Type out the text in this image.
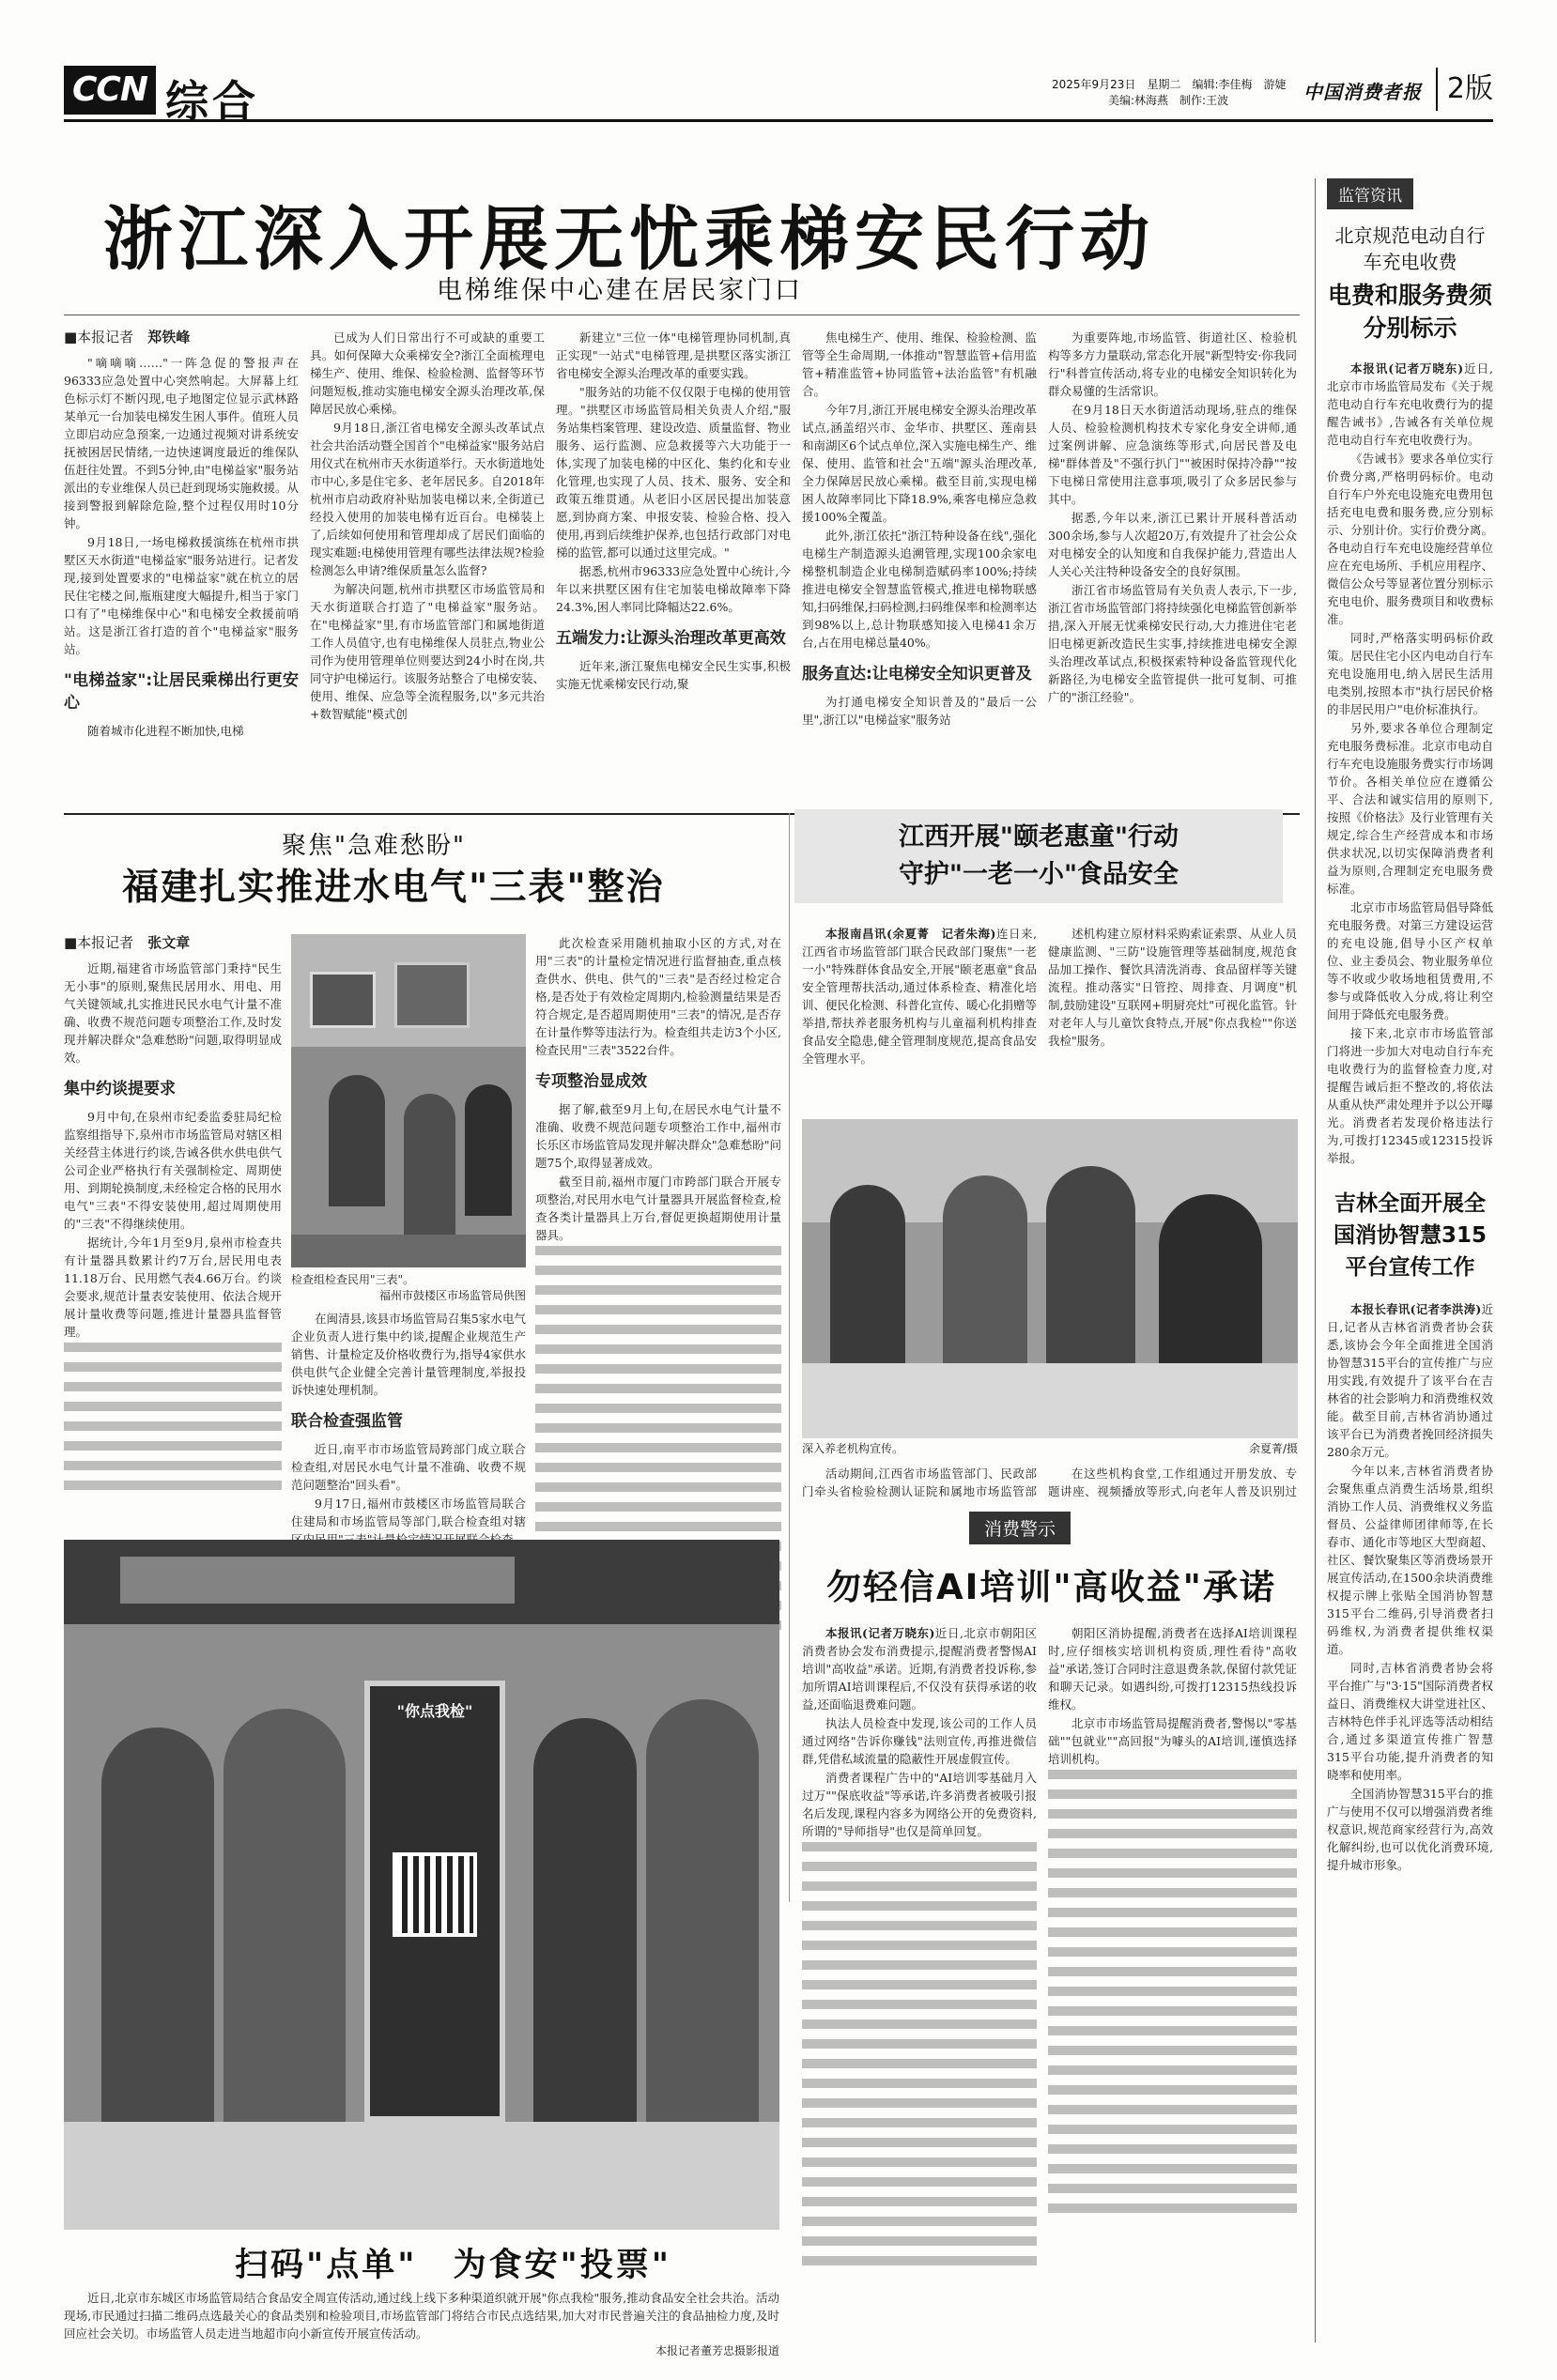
CCN 综合	2025年9月23日　星期二　编辑:李佳梅　游婕
美编:林海燕　制作:王波	中国消费者报 2版
浙江深入开展无忧乘梯安民行动
电梯维保中心建在居民家门口
■本报记者　 郑铁峰

"嘀嘀嘀……"一阵急促的警报声在96333应急处置中心突然响起。大屏幕上红色标示灯不断闪现,电子地图定位显示武林路某单元一台加装电梯发生困人事件。值班人员立即启动应急预案,一边通过视频对讲系统安抚被困居民情绪,一边快速调度最近的维保队伍赶往处置。不到5分钟,由"电梯益家"服务站派出的专业维保人员已赶到现场实施救援。从接到警报到解除危险,整个过程仅用时10分钟。

9月18日,一场电梯救援演练在杭州市拱墅区天水街道"电梯益家"服务站进行。记者发现,接到处置要求的"电梯益家"就在杭立的居民住宅楼之间,瓶瓶建度大幅提升,相当于家门口有了"电梯维保中心"和电梯安全救援前哨站。这是浙江省打造的首个"电梯益家"服务站。

"电梯益家":让居民乘梯出行更安心

随着城市化进程不断加快,电梯

已成为人们日常出行不可或缺的重要工具。如何保障大众乘梯安全?浙江全面梳理电梯生产、使用、维保、检验检测、监督等环节问题短板,推动实施电梯安全源头治理改革,保障居民放心乘梯。

9月18日,浙江省电梯安全源头改革试点社会共治活动暨全国首个"电梯益家"服务站启用仪式在杭州市天水街道举行。天水街道地处市中心,多是住宅多、老年居民多。自2018年杭州市启动政府补贴加装电梯以来,全街道已经投入使用的加装电梯有近百台。电梯装上了,后续如何使用和管理却成了居民们面临的现实难题:电梯使用管理有哪些法律法规?检验检测怎么申请?维保质量怎么监督?

为解决问题,杭州市拱墅区市场监管局和天水街道联合打造了"电梯益家"服务站。在"电梯益家"里,有市场监管部门和属地街道工作人员值守,也有电梯维保人员驻点,物业公司作为使用管理单位则要达到24小时在岗,共同守护电梯运行。该服务站整合了电梯安装、使用、维保、应急等全流程服务,以"多元共治+数智赋能"模式创

新建立"三位一体"电梯管理协同机制,真正实现"一站式"电梯管理,是拱墅区落实浙江省电梯安全源头治理改革的重要实践。

"服务站的功能不仅仅限于电梯的使用管理。"拱墅区市场监管局相关负责人介绍,"服务站集档案管理、建设改造、质量监督、物业服务、运行监测、应急救援等六大功能于一体,实现了加装电梯的中区化、集约化和专业化管理,也实现了人员、技术、服务、安全和政策五维贯通。从老旧小区居民提出加装意愿,到协商方案、申报安装、检验合格、投入使用,再到后续维护保养,也包括行政部门对电梯的监管,都可以通过这里完成。"

据悉,杭州市96333应急处置中心统计,今年以来拱墅区困有住宅加装电梯故障率下降24.3%,困人率同比降幅达22.6%。

五端发力:让源头治理改革更高效

近年来,浙江聚焦电梯安全民生实事,积极实施无忧乘梯安民行动,聚

焦电梯生产、使用、维保、检验检测、监管等全生命周期,一体推动"智慧监管+信用监管+精准监管+协同监管+法治监管"有机融合。

今年7月,浙江开展电梯安全源头治理改革试点,涵盖绍兴市、金华市、拱墅区、莲南县和南湖区6个试点单位,深入实施电梯生产、维保、使用、监管和社会"五端"源头治理改革,全力保障居民放心乘梯。截至目前,实现电梯困人故障率同比下降18.9%,乘客电梯应急救援100%全覆盖。

此外,浙江依托"浙江特种设备在线",强化电梯生产制造源头追溯管理,实现100余家电梯整机制造企业电梯制造赋码率100%;持续推进电梯安全智慧监管模式,推进电梯物联感知,扫码维保,扫码检测,扫码维保率和检测率达到98%以上,总计物联感知接入电梯41余万台,占在用电梯总量40%。

服务直达:让电梯安全知识更普及

为打通电梯安全知识普及的"最后一公里",浙江以"电梯益家"服务站

为重要阵地,市场监管、街道社区、检验机构等多方力量联动,常态化开展"新型特安·你我同行"科普宣传活动,将专业的电梯安全知识转化为群众易懂的生活常识。

在9月18日天水街道活动现场,驻点的维保人员、检验检测机构技术专家化身安全讲师,通过案例讲解、应急演练等形式,向居民普及电梯"群体普及"不强行扒门""被困时保持冷静""按下电梯日常使用注意事项,吸引了众多居民参与其中。

据悉,今年以来,浙江已累计开展科普活动300余场,参与人次超20万,有效提升了社会公众对电梯安全的认知度和自我保护能力,营造出人人关心关注特种设备安全的良好氛围。

浙江省市场监管局有关负责人表示,下一步,浙江省市场监管部门将持续强化电梯监管创新举措,深入开展无忧乘梯安民行动,大力推进住宅老旧电梯更新改造民生实事,持续推进电梯安全源头治理改革试点,积极探索特种设备监管现代化新路径,为电梯安全监管提供一批可复制、可推广的"浙江经验"。

聚焦"急难愁盼"
福建扎实推进水电气"三表"整治
■本报记者　 张文章

近期,福建省市场监管部门秉持"民生无小事"的原则,聚焦民居用水、用电、用气关键领域,扎实推进民民水电气计量不准确、收费不规范问题专项整治工作,及时发现并解决群众"急难愁盼"问题,取得明显成效。

集中约谈提要求

9月中旬,在泉州市纪委监委驻局纪检监察组指导下,泉州市市场监管局对辖区相关经营主体进行约谈,告诫各供水供电供气公司企业严格执行有关强制检定、周期使用、到期轮换制度,未经检定合格的民用水电气"三表"不得安装使用,超过周期使用的"三表"不得继续使用。

据统计,今年1月至9月,泉州市检查共有计量器具数累计约7万台,居民用电表11.18万台、民用燃气表4.66万台。约谈会要求,规范计量表安装使用、依法合规开展计量收费等问题,推进计量器具监督管理。

检查组检查民用"三表"。
福州市鼓楼区市场监管局供图

在闽清县,该县市场监管局召集5家水电气企业负责人进行集中约谈,提醒企业规范生产销售、计量检定及价格收费行为,指导4家供水供电供气企业健全完善计量管理制度,举报投诉快速处理机制。

联合检查强监管

近日,南平市市场监管局跨部门成立联合检查组,对居民水电气计量不准确、收费不规范问题整治"回头看"。

9月17日,福州市鼓楼区市场监管局联合住建局和市场监管局等部门,联合检查组对辖

此次检查采用随机抽取小区的方式,对在用"三表"的计量检定情况进行监督抽查,重点核查供水、供电、供气的"三表"是否经过检定合格,是否处于有效检定周期内,检验测量结果是否符合规定,是否超周期使用"三表"的情况,是否存在计量作弊等违法行为。检查组共走访3个小区,检查民用"三表"3522台件。

专项整治显成效

据了解,截至9月上旬,在居民水电气计量不准确、收费不规范问题专项整治工作中,福州市长乐区市场监管局发现并解决群众"急难愁盼"问题75个,取得显著成效。

截至目前,福州市厦门市跨部门联合开展专项整治,对民用水电气计量器具开展监督检查,检查各类计量器具上万台,督促更换超期使用计量器具。

江西开展"颐老惠童"行动
守护"一老一小"食品安全

本报南昌讯(余夏菁　记者朱海)连日来,江西省市场监管部门联合民政部门聚焦"一老一小"特殊群体食品安全,开展"颐老惠童"食品安全管理帮扶活动,通过体系检查、精准化培训、便民化检测、科普化宣传、暖心化捐赠等举措,帮扶养老服务机构与儿童福利机构排查食品安全隐患,健全管理制度规范,提高食品安全管理水平。

述机构建立原材料采购索证索票、从业人员健康监测、"三防"设施管理等基础制度,规范食品加工操作、餐饮具清洗消毒、食品留样等关键流程。推动落实"日管控、周排查、月调度"机制,鼓励建设"互联网+明厨亮灶"可视化监管。针对老年人与儿童饮食特点,开展"你点我检""你送我检"服务。

深入养老机构宣传。	余夏菁/摄

活动期间,江西省市场监管部门、民政部门牵头省检验检测认证院和属地市场监管部

在这些机构食堂,工作组通过开册发放、专题讲座、视频播放等形式,向老年人普及识别过

消费警示
勿轻信AI培训"高收益"承诺

本报讯(记者万晓东)近日,北京市朝阳区消费者协会发布消费提示,提醒消费者警惕AI培训"高收益"承诺。近期,有消费者投诉称,参加所谓AI培训课程后,不仅没有获得承诺的收益,还面临退费难问题。

执法人员检查中发现,该公司的工作人员通过网络"告诉你赚钱"法则宣传,再推进微信群,凭借私域流量的隐蔽性开展虚假宣传。

消费者课程广告中的"AI培训零基础月入过万""保底收益"等承诺,许多消费者被吸引报名后发现,课程内容多为网络公开的免费资料,所谓的"导师指导"也仅是简单回复。

朝阳区消协提醒,消费者在选择AI培训课程时,应仔细核实培训机构资质,理性看待"高收益"承诺,签订合同时注意退费条款,保留付款凭证和聊天记录。如遇纠纷,可拨打12315热线投诉维权。

北京市市场监管局提醒消费者,警惕以"零基础""包就业""高回报"为噱头的AI培训,谨慎选择培训机构。

"你点我检"
扫码"点单"　为食安"投票"
近日,北京市东城区市场监管局结合食品安全周宣传活动,通过线上线下多种渠道织就开展"你点我检"服务,推动食品安全社会共治。活动现场,市民通过扫描二维码点选最关心的食品类别和检验项目,市场监管部门将结合市民点选结果,加大对市民普遍关注的食品抽检力度,及时回应社会关切。市场监管人员走进当地超市向小新宣传开展宣传活动。
本报记者董芳忠摄影报道
监管资讯
北京规范电动自行车充电收费
电费和服务费须分别标示

本报讯(记者万晓东)近日,北京市市场监管局发布《关于规范电动自行车充电收费行为的提醒告诫书》,告诫各有关单位规范电动自行车充电收费行为。

《告诫书》要求各单位实行价费分离,严格明码标价。电动自行车户外充电设施充电费用包括充电电费和服务费,应分别标示、分别计价。实行价费分离。各电动自行车充电设施经营单位应在充电场所、手机应用程序、微信公众号等显著位置分别标示充电电价、服务费项目和收费标准。

同时,严格落实明码标价政策。居民住宅小区内电动自行车充电设施用电,纳入居民生活用电类别,按照本市"执行居民价格的非居民用户"电价标准执行。

另外,要求各单位合理制定充电服务费标准。北京市电动自行车充电设施服务费实行市场调节价。各相关单位应在遵循公平、合法和诚实信用的原则下,按照《价格法》及行业管理有关规定,综合生产经营成本和市场供求状况,以切实保障消费者利益为原则,合理制定充电服务费标准。

北京市市场监管局倡导降低充电服务费。对第三方建设运营的充电设施,倡导小区产权单位、业主委员会、物业服务单位等不收或少收场地租赁费用,不参与或降低收入分成,将让利空间用于降低充电服务费。

接下来,北京市市场监管部门将进一步加大对电动自行车充电收费行为的监督检查力度,对提醒告诫后拒不整改的,将依法从重从快严肃处理并予以公开曝光。消费者若发现价格违法行为,可拨打12345或12315投诉举报。

吉林全面开展全国消协智慧315平台宣传工作

本报长春讯(记者李洪涛)近日,记者从吉林省消费者协会获悉,该协会今年全面推进全国消协智慧315平台的宣传推广与应用实践,有效提升了该平台在吉林省的社会影响力和消费维权效能。截至目前,吉林省消协通过该平台已为消费者挽回经济损失280余万元。

今年以来,吉林省消费者协会聚焦重点消费生活场景,组织消协工作人员、消费维权义务监督员、公益律师团律师等,在长春市、通化市等地区大型商超、社区、餐饮聚集区等消费场景开展宣传活动,在1500余块消费维权提示牌上张贴全国消协智慧315平台二维码,引导消费者扫码维权,为消费者提供维权渠道。

同时,吉林省消费者协会将平台推广与"3·15"国际消费者权益日、消费维权大讲堂进社区、吉林特色伴手礼评选等活动相结合,通过多渠道宣传推广智慧315平台功能,提升消费者的知晓率和使用率。

全国消协智慧315平台的推广与使用不仅可以增强消费者维权意识,规范商家经营行为,高效化解纠纷,也可以优化消费环境,提升城市形象。
